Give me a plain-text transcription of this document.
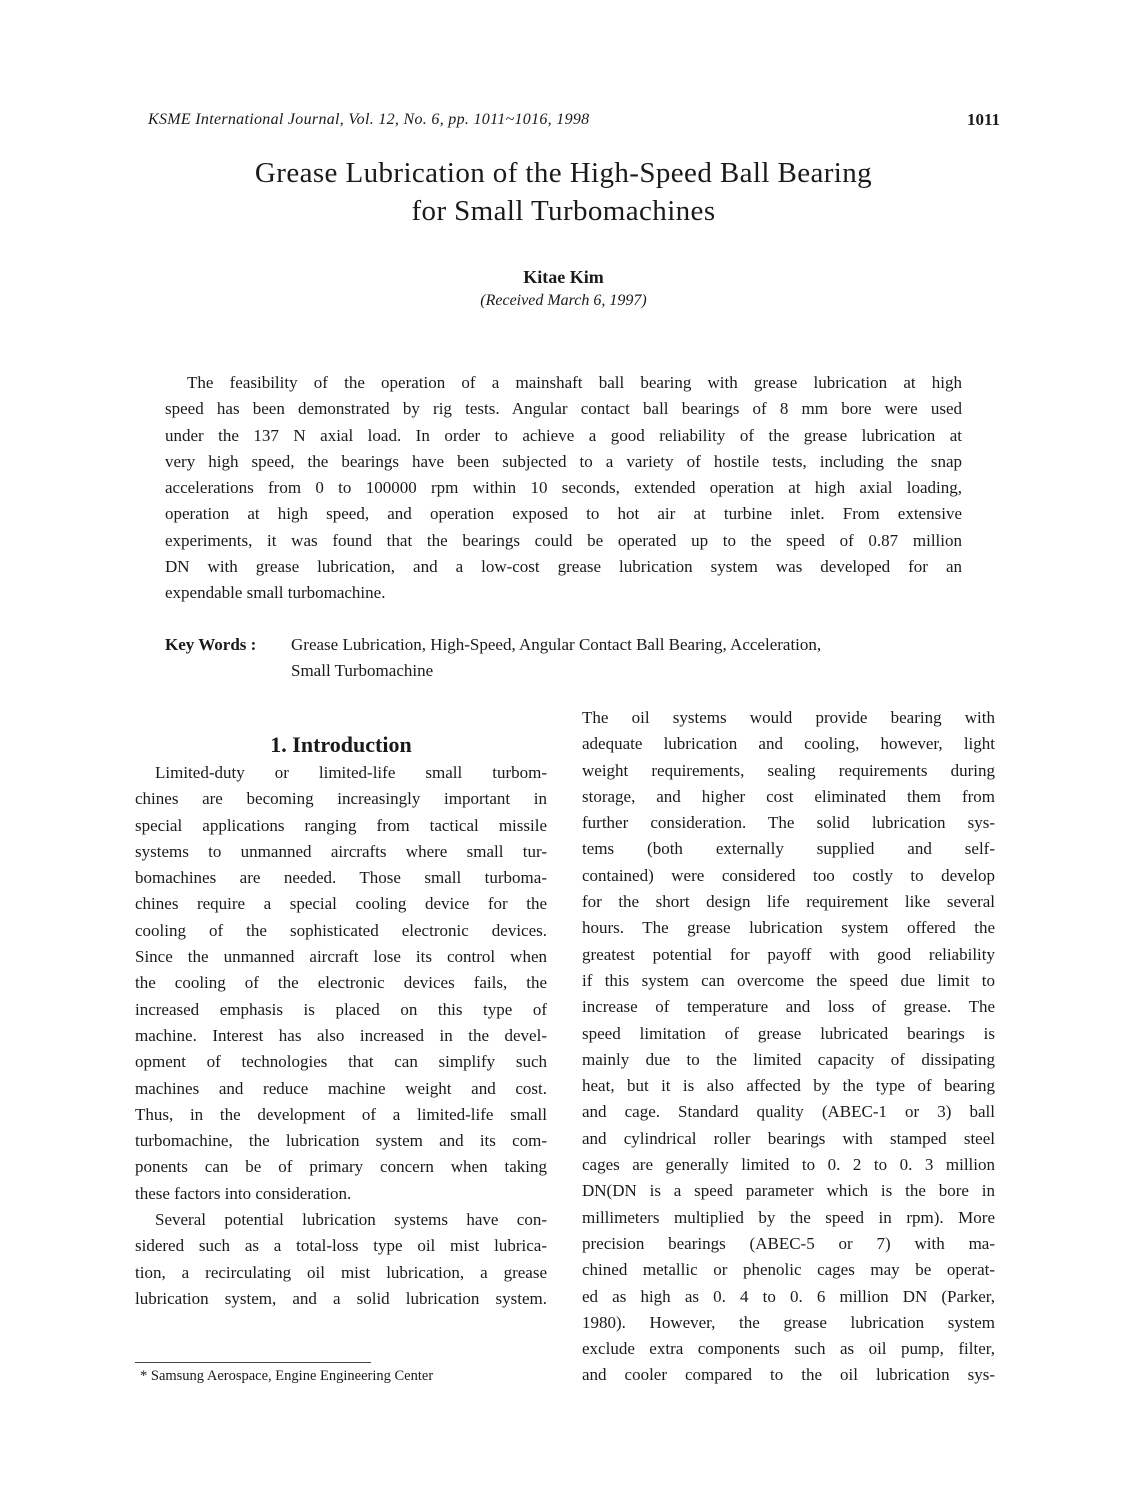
KSME International Journal, Vol. 12, No. 6, pp. 1011~1016, 1998	1011
Grease Lubrication of the High-Speed Ball Bearing
for Small Turbomachines
Kitae Kim
(Received March 6, 1997)
The feasibility of the operation of a mainshaft ball bearing with grease lubrication at high
speed has been demonstrated by rig tests. Angular contact ball bearings of 8 mm bore were used
under the 137 N axial load. In order to achieve a good reliability of the grease lubrication at
very high speed, the bearings have been subjected to a variety of hostile tests, including the snap
accelerations from 0 to 100000 rpm within 10 seconds, extended operation at high axial loading,
operation at high speed, and operation exposed to hot air at turbine inlet. From extensive
experiments, it was found that the bearings could be operated up to the speed of 0.87 million
DN with grease lubrication, and a low-cost grease lubrication system was developed for an
expendable small turbomachine.
Key Words : Grease Lubrication, High-Speed, Angular Contact Ball Bearing, Acceleration,
Small Turbomachine
1. Introduction
Limited-duty or limited-life small turbom-
chines are becoming increasingly important in
special applications ranging from tactical missile
systems to unmanned aircrafts where small tur-
bomachines are needed. Those small turboma-
chines require a special cooling device for the
cooling of the sophisticated electronic devices.
Since the unmanned aircraft lose its control when
the cooling of the electronic devices fails, the
increased emphasis is placed on this type of
machine. Interest has also increased in the devel-
opment of technologies that can simplify such
machines and reduce machine weight and cost.
Thus, in the development of a limited-life small
turbomachine, the lubrication system and its com-
ponents can be of primary concern when taking
these factors into consideration.
Several potential lubrication systems have con-
sidered such as a total-loss type oil mist lubrica-
tion, a recirculating oil mist lubrication, a grease
lubrication system, and a solid lubrication system.
The oil systems would provide bearing with
adequate lubrication and cooling, however, light
weight requirements, sealing requirements during
storage, and higher cost eliminated them from
further consideration. The solid lubrication sys-
tems (both externally supplied and self-
contained) were considered too costly to develop
for the short design life requirement like several
hours. The grease lubrication system offered the
greatest potential for payoff with good reliability
if this system can overcome the speed due limit to
increase of temperature and loss of grease. The
speed limitation of grease lubricated bearings is
mainly due to the limited capacity of dissipating
heat, but it is also affected by the type of bearing
and cage. Standard quality (ABEC-1 or 3) ball
and cylindrical roller bearings with stamped steel
cages are generally limited to 0. 2 to 0. 3 million
DN(DN is a speed parameter which is the bore in
millimeters multiplied by the speed in rpm). More
precision bearings (ABEC-5 or 7) with ma-
chined metallic or phenolic cages may be operat-
ed as high as 0. 4 to 0. 6 million DN (Parker,
1980). However, the grease lubrication system
exclude extra components such as oil pump, filter,
and cooler compared to the oil lubrication sys-
* Samsung Aerospace, Engine Engineering Center
